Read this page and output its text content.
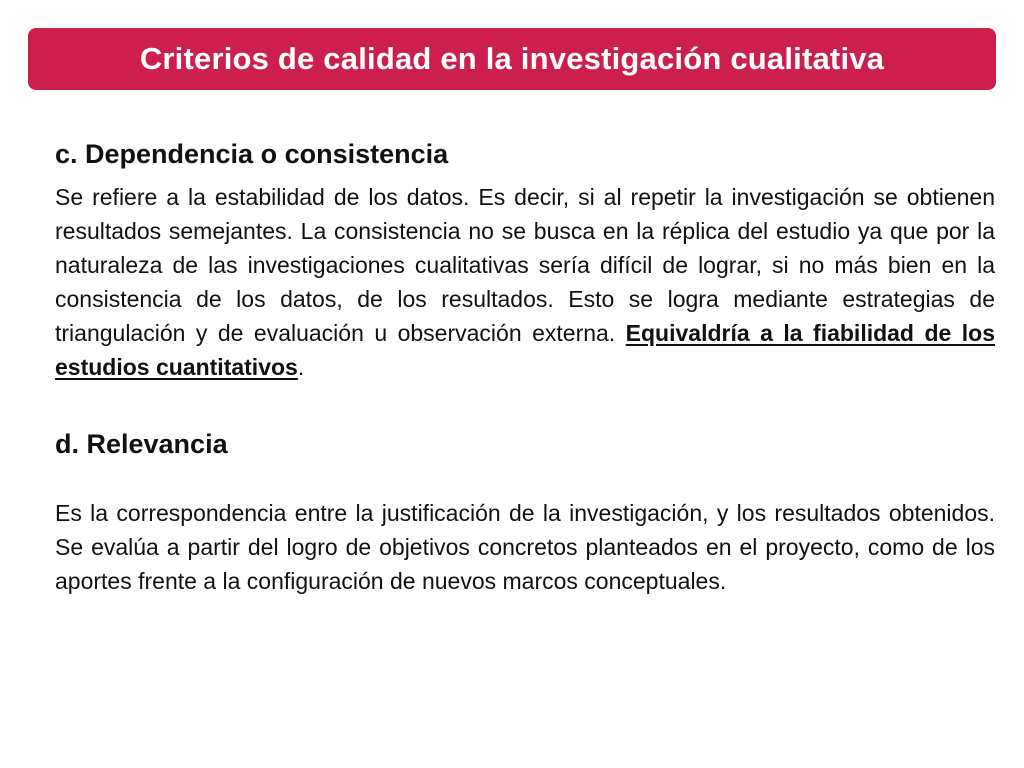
Criterios de calidad en la investigación cualitativa
c. Dependencia o consistencia

Se refiere a la estabilidad de los datos. Es decir, si al repetir la investigación se obtienen resultados semejantes. La consistencia no se busca en la réplica del estudio ya que por la naturaleza de las investigaciones cualitativas sería difícil de lograr, si no más bien en la consistencia de los datos, de los resultados. Esto se logra mediante estrategias de triangulación y de evaluación u observación externa. Equivaldría a la fiabilidad de los estudios cuantitativos.

d. Relevancia

Es la correspondencia entre la justificación de la investigación, y los resultados obtenidos. Se evalúa a partir del logro de objetivos concretos planteados en el proyecto, como de los aportes frente a la configuración de nuevos marcos conceptuales.
